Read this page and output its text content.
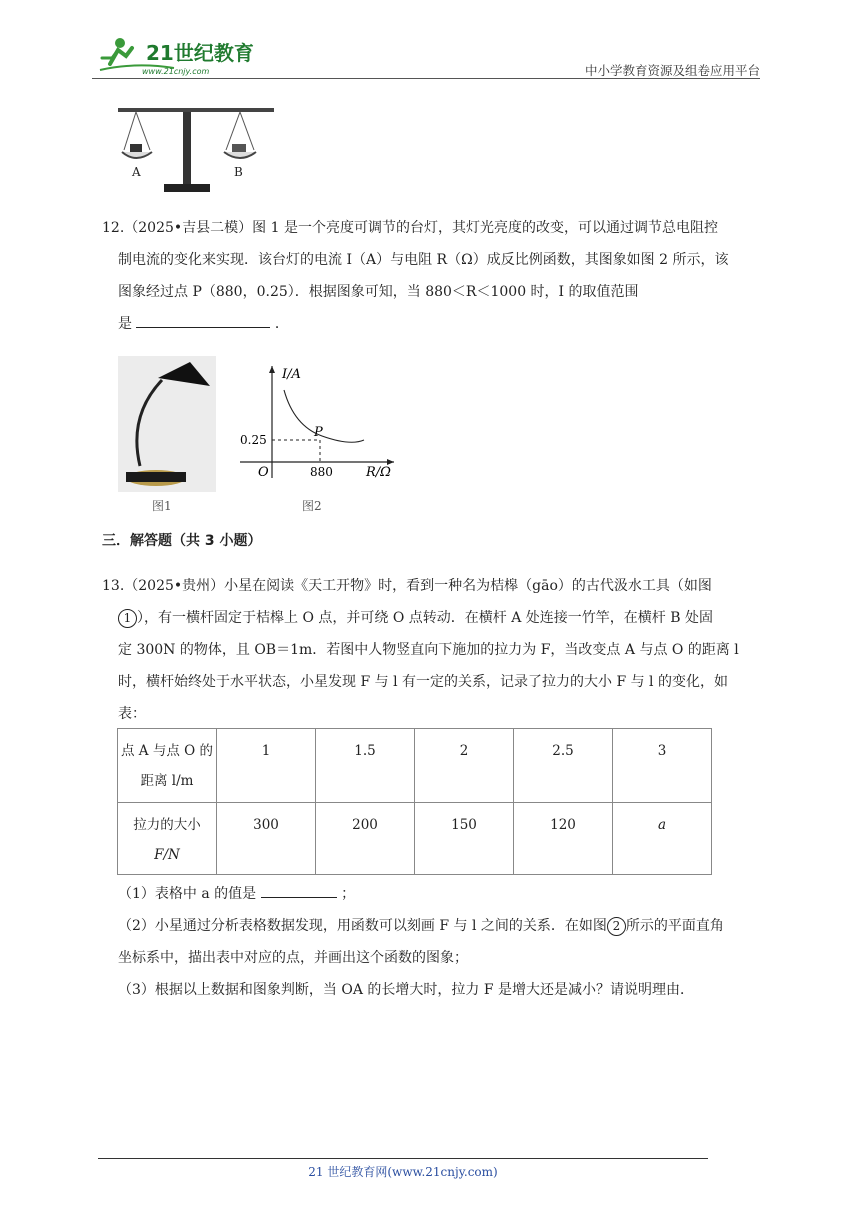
21世纪教育
www.21cnjy.com	中小学教育资源及组卷应用平台
A	B
12.（2025•吉县二模）图 1 是一个亮度可调节的台灯，其灯光亮度的改变，可以通过调节总电阻控
制电流的变化来实现．该台灯的电流 I（A）与电阻 R（Ω）成反比例函数，其图象如图 2 所示，该
图象经过点 P（880，0.25）．根据图象可知，当 880＜R＜1000 时，I 的取值范围
是	．
图1
I/A
R/Ω
O
P
880
0.25
图2
三．解答题（共 3 小题）
13.（2025•贵州）小星在阅读《天工开物》时，看到一种名为桔槔（gāo）的古代汲水工具（如图
1 ），有一横杆固定于桔槔上 O 点，并可绕 O 点转动．在横杆 A 处连接一竹竿，在横杆 B 处固
定 300N 的物体，且 OB＝1m．若图中人物竖直向下施加的拉力为 F，当改变点 A 与点 O 的距离 l
时，横杆始终处于水平状态，小星发现 F 与 l 有一定的关系，记录了拉力的大小 F 与 l 的变化，如
表：
点 A 与点 O 的
距离 l/m	1	1.5	2	2.5	3

拉力的大小
F/N	300	200	150	120	a
（1）表格中 a 的值是	；
（2）小星通过分析表格数据发现，用函数可以刻画 F 与 l 之间的关系．在如图 2 所示的平面直角
坐标系中，描出表中对应的点，并画出这个函数的图象；
（3）根据以上数据和图象判断，当 OA 的长增大时，拉力 F 是增大还是减小？请说明理由．
21 世纪教育网(www.21cnjy.com)
